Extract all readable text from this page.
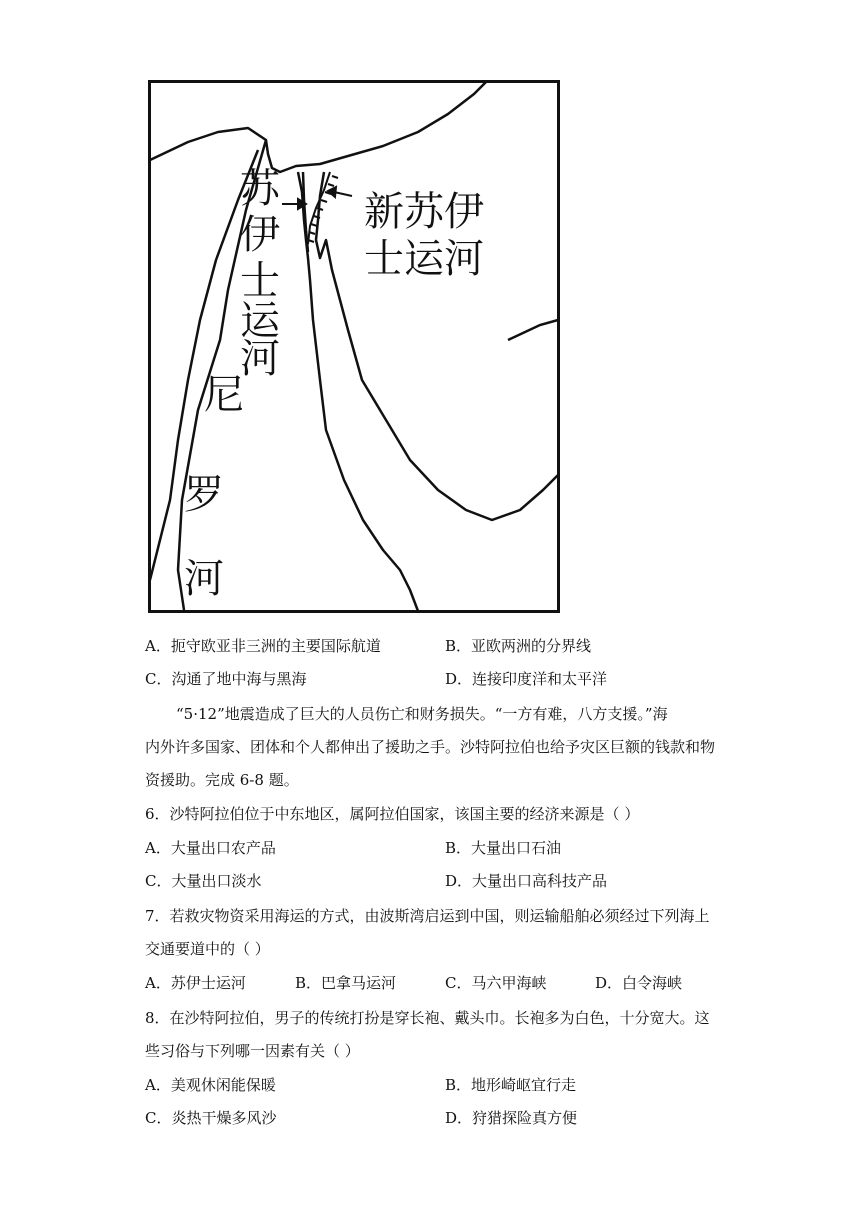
苏
伊
士
运
河
新苏伊
士运河
尼
罗
河
A．扼守欧亚非三洲的主要国际航道	B．亚欧两洲的分界线
C．沟通了地中海与黑海	D．连接印度洋和太平洋
“5·12”地震造成了巨大的人员伤亡和财务损失。“一方有难，八方支援。”海
内外许多国家、团体和个人都伸出了援助之手。沙特阿拉伯也给予灾区巨额的钱款和物
资援助。完成 6-8 题。
6．沙特阿拉伯位于中东地区，属阿拉伯国家，该国主要的经济来源是（ ）
A．大量出口农产品	B．大量出口石油
C．大量出口淡水	D．大量出口高科技产品
7．若救灾物资采用海运的方式，由波斯湾启运到中国，则运输船舶必须经过下列海上
交通要道中的（ ）
A．苏伊士运河	B．巴拿马运河	C．马六甲海峡	D．白令海峡
8．在沙特阿拉伯，男子的传统打扮是穿长袍、戴头巾。长袍多为白色，十分宽大。这
些习俗与下列哪一因素有关（ ）
A．美观休闲能保暖	B．地形崎岖宜行走
C．炎热干燥多风沙	D．狩猎探险真方便
